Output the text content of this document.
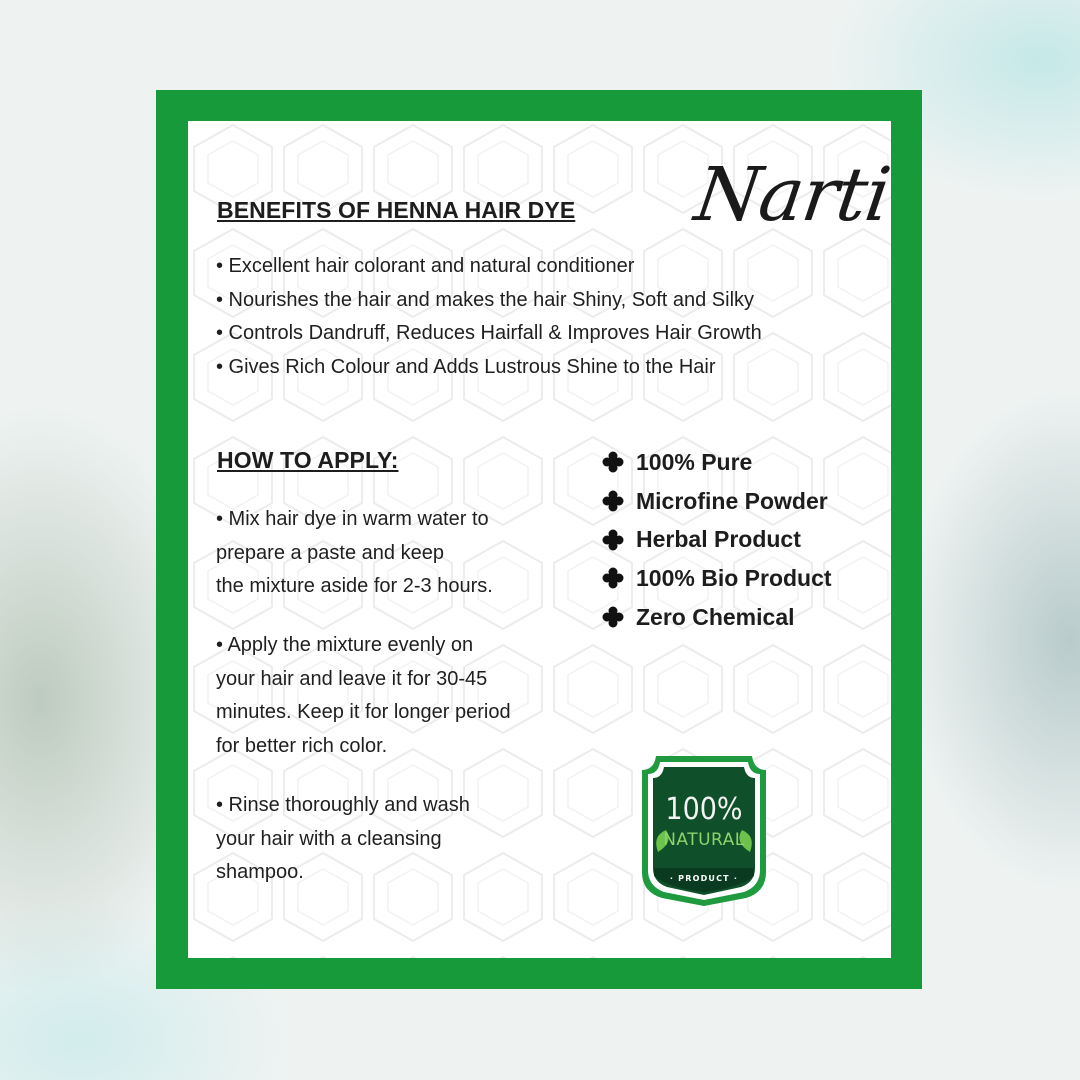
Narti
BENEFITS OF HENNA HAIR DYE
• Excellent hair colorant and natural conditioner
• Nourishes the hair and makes the hair Shiny, Soft and Silky
• Controls Dandruff, Reduces Hairfall & Improves Hair Growth
• Gives Rich Colour and Adds Lustrous Shine to the Hair
HOW TO APPLY:

• Mix hair dye in warm water to
prepare a paste and keep
the mixture aside for 2-3 hours.

• Apply the mixture evenly on
your hair and leave it for 30-45
minutes. Keep it for longer period
for better rich color.

• Rinse thoroughly and wash
your hair with a cleansing
shampoo.

100% Pure
Microfine Powder
Herbal Product
100% Bio Product
Zero Chemical
100%
NATURAL
· PRODUCT ·
